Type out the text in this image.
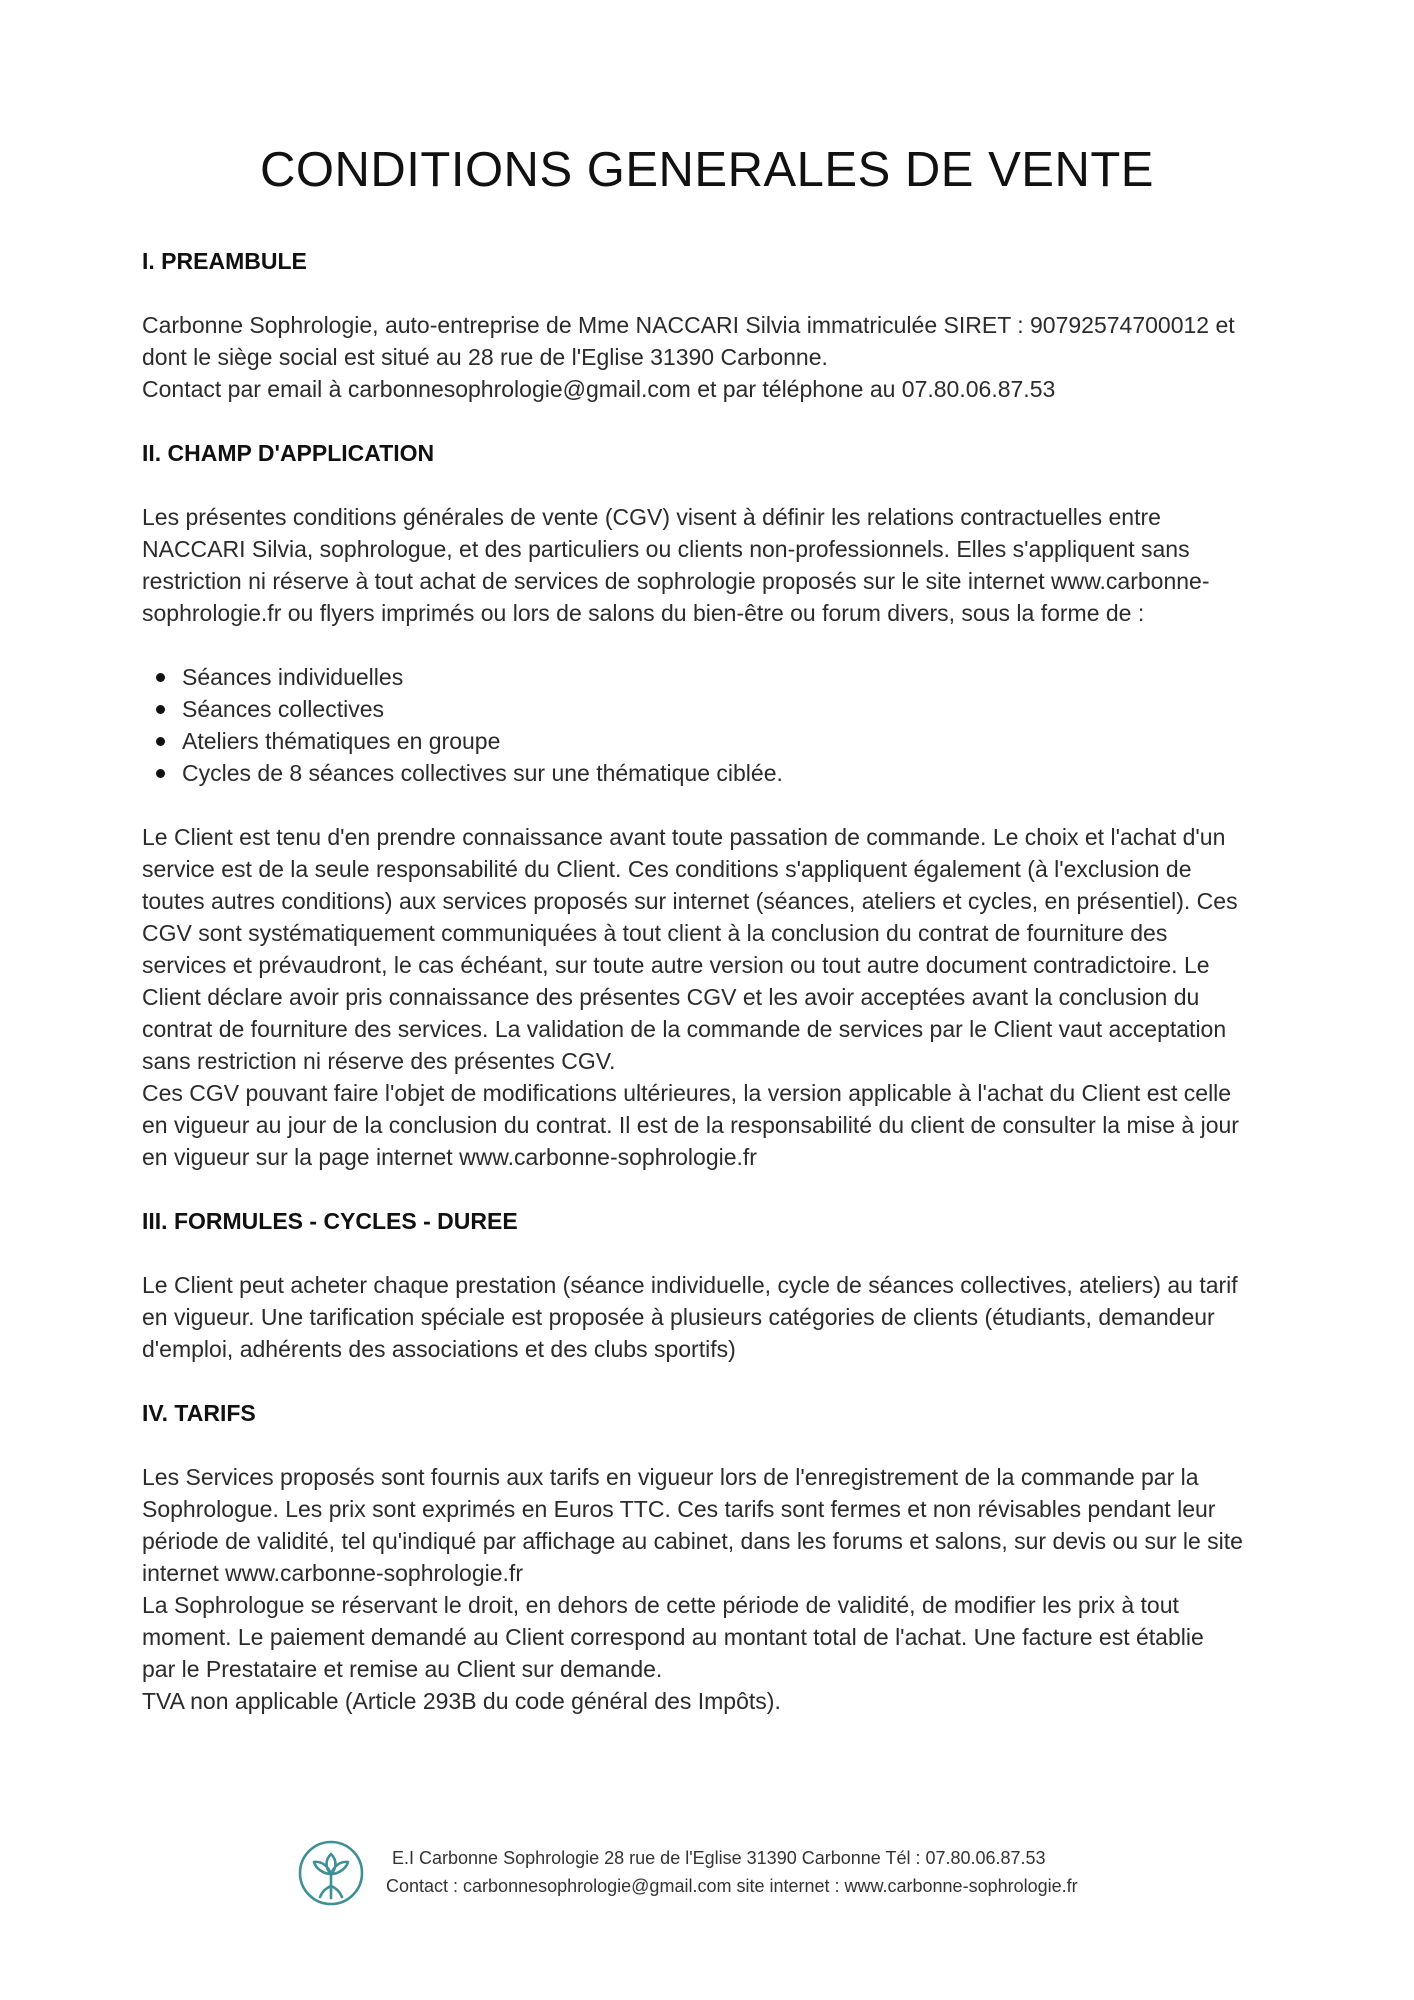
CONDITIONS GENERALES DE VENTE
I. PREAMBULE
Carbonne Sophrologie, auto-entreprise de Mme NACCARI Silvia immatriculée SIRET : 90792574700012 et
dont le siège social est situé au 28 rue de l'Eglise 31390 Carbonne.
Contact par email à carbonnesophrologie@gmail.com et par téléphone au 07.80.06.87.53
II. CHAMP D'APPLICATION
Les présentes conditions générales de vente (CGV) visent à définir les relations contractuelles entre
NACCARI Silvia, sophrologue, et des particuliers ou clients non-professionnels. Elles s'appliquent sans
restriction ni réserve à tout achat de services de sophrologie proposés sur le site internet www.carbonne-
sophrologie.fr ou flyers imprimés ou lors de salons du bien-être ou forum divers, sous la forme de :
Séances individuelles
Séances collectives
Ateliers thématiques en groupe
Cycles de 8 séances collectives sur une thématique ciblée.
Le Client est tenu d'en prendre connaissance avant toute passation de commande. Le choix et l'achat d'un
service est de la seule responsabilité du Client. Ces conditions s'appliquent également (à l'exclusion de
toutes autres conditions) aux services proposés sur internet (séances, ateliers et cycles, en présentiel). Ces
CGV sont systématiquement communiquées à tout client à la conclusion du contrat de fourniture des
services et prévaudront, le cas échéant, sur toute autre version ou tout autre document contradictoire. Le
Client déclare avoir pris connaissance des présentes CGV et les avoir acceptées avant la conclusion du
contrat de fourniture des services. La validation de la commande de services par le Client vaut acceptation
sans restriction ni réserve des présentes CGV.
Ces CGV pouvant faire l'objet de modifications ultérieures, la version applicable à l'achat du Client est celle
en vigueur au jour de la conclusion du contrat. Il est de la responsabilité du client de consulter la mise à jour
en vigueur sur la page internet www.carbonne-sophrologie.fr
III. FORMULES - CYCLES - DUREE
Le Client peut acheter chaque prestation (séance individuelle, cycle de séances collectives, ateliers) au tarif
en vigueur. Une tarification spéciale est proposée à plusieurs catégories de clients (étudiants, demandeur
d'emploi, adhérents des associations et des clubs sportifs)
IV. TARIFS
Les Services proposés sont fournis aux tarifs en vigueur lors de l'enregistrement de la commande par la
Sophrologue. Les prix sont exprimés en Euros TTC. Ces tarifs sont fermes et non révisables pendant leur
période de validité, tel qu'indiqué par affichage au cabinet, dans les forums et salons, sur devis ou sur le site
internet www.carbonne-sophrologie.fr
La Sophrologue se réservant le droit, en dehors de cette période de validité, de modifier les prix à tout
moment. Le paiement demandé au Client correspond au montant total de l'achat. Une facture est établie
par le Prestataire et remise au Client sur demande.
TVA non applicable (Article 293B du code général des Impôts).
E.I Carbonne Sophrologie 28 rue de l'Eglise 31390 Carbonne Tél : 07.80.06.87.53
Contact : carbonnesophrologie@gmail.com site internet : www.carbonne-sophrologie.fr
